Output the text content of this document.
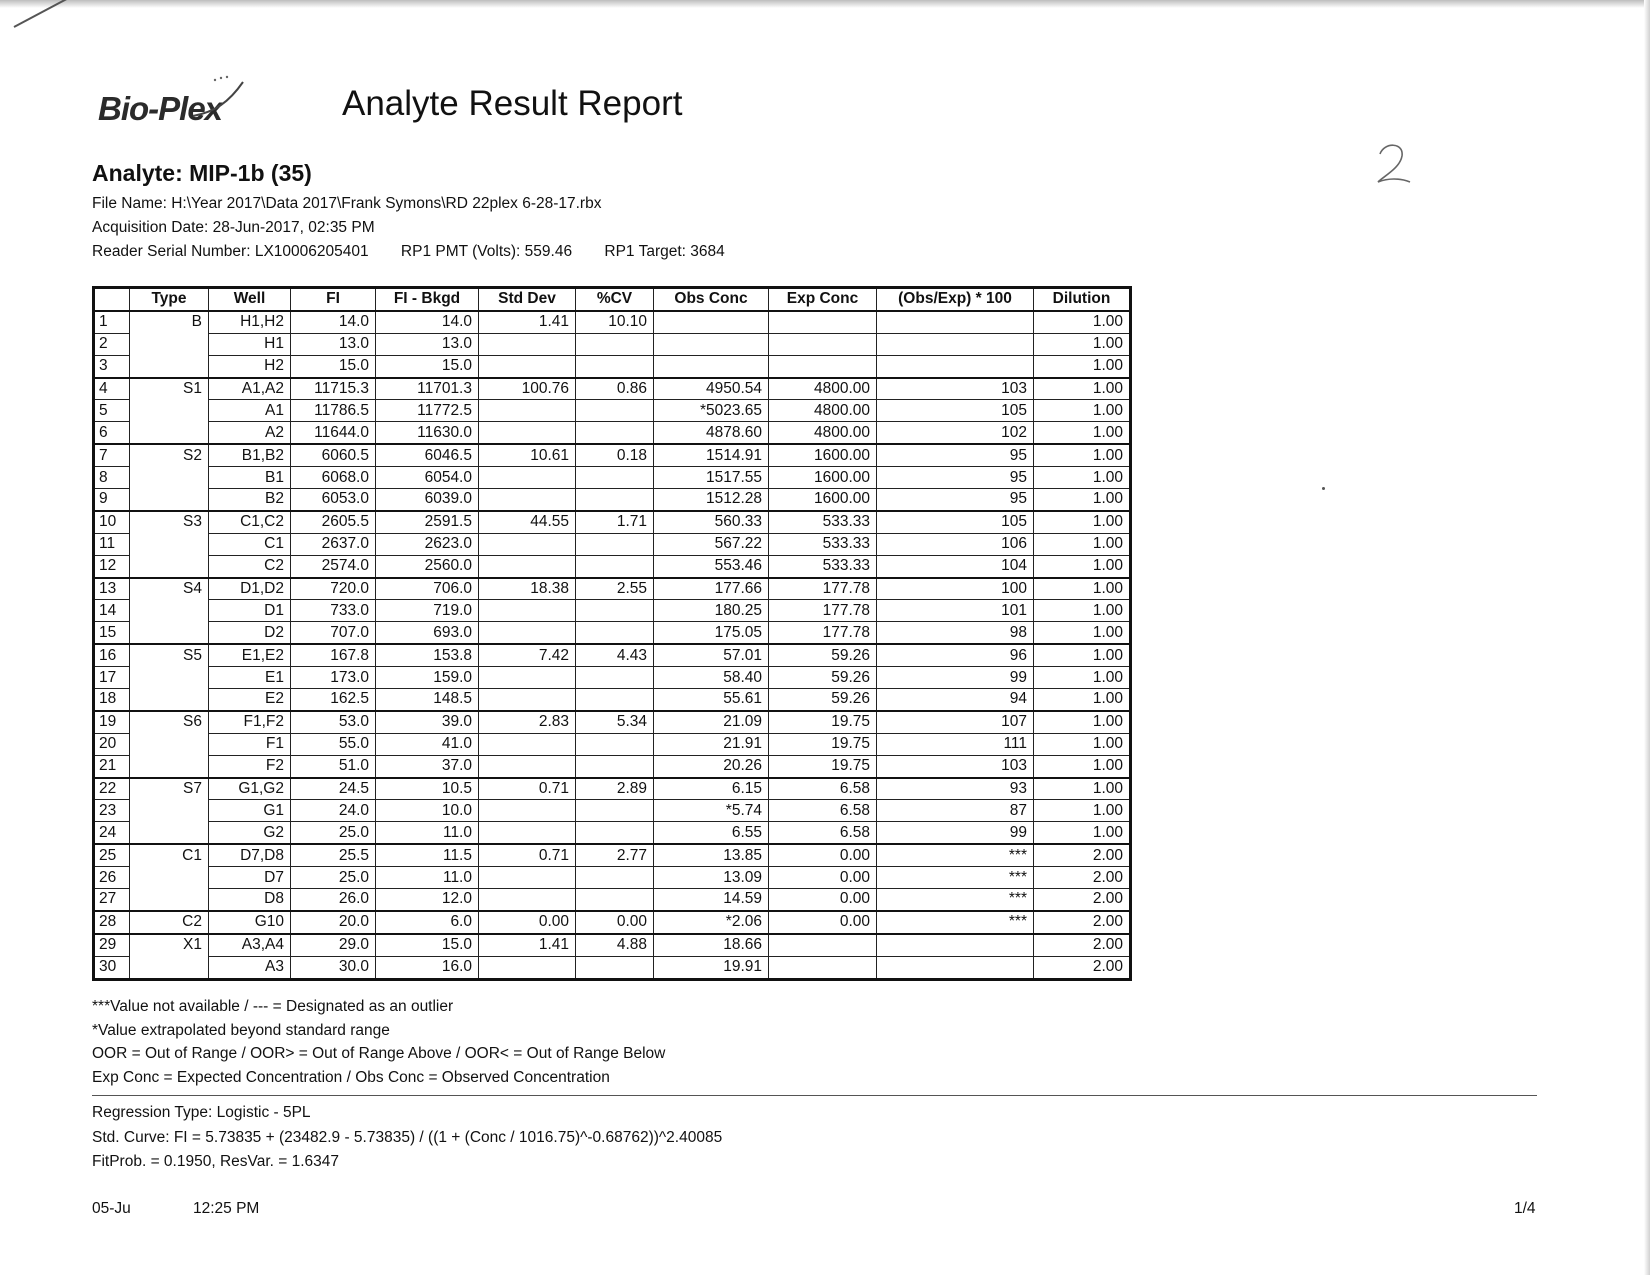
Bio-Plex	Analyte Result Report
Analyte: MIP-1b (35)
File Name: H:\Year 2017\Data 2017\Frank Symons\RD 22plex 6-28-17.rbx
Acquisition Date: 28-Jun-2017, 02:35 PM
Reader Serial Number: LX10006205401 RP1 PMT (Volts): 559.46 RP1 Target: 3684
	Type	Well	FI	FI - Bkgd	Std Dev	%CV	Obs Conc	Exp Conc	(Obs/Exp) * 100	Dilution
1	B	H1,H2	14.0	14.0	1.41	10.10				1.00
2		H1	13.0	13.0						1.00
3		H2	15.0	15.0						1.00
4	S1	A1,A2	11715.3	11701.3	100.76	0.86	4950.54	4800.00	103	1.00
5		A1	11786.5	11772.5			*5023.65	4800.00	105	1.00
6		A2	11644.0	11630.0			4878.60	4800.00	102	1.00
7	S2	B1,B2	6060.5	6046.5	10.61	0.18	1514.91	1600.00	95	1.00
8		B1	6068.0	6054.0			1517.55	1600.00	95	1.00
9		B2	6053.0	6039.0			1512.28	1600.00	95	1.00
10	S3	C1,C2	2605.5	2591.5	44.55	1.71	560.33	533.33	105	1.00
11		C1	2637.0	2623.0			567.22	533.33	106	1.00
12		C2	2574.0	2560.0			553.46	533.33	104	1.00
13	S4	D1,D2	720.0	706.0	18.38	2.55	177.66	177.78	100	1.00
14		D1	733.0	719.0			180.25	177.78	101	1.00
15		D2	707.0	693.0			175.05	177.78	98	1.00
16	S5	E1,E2	167.8	153.8	7.42	4.43	57.01	59.26	96	1.00
17		E1	173.0	159.0			58.40	59.26	99	1.00
18		E2	162.5	148.5			55.61	59.26	94	1.00
19	S6	F1,F2	53.0	39.0	2.83	5.34	21.09	19.75	107	1.00
20		F1	55.0	41.0			21.91	19.75	111	1.00
21		F2	51.0	37.0			20.26	19.75	103	1.00
22	S7	G1,G2	24.5	10.5	0.71	2.89	6.15	6.58	93	1.00
23		G1	24.0	10.0			*5.74	6.58	87	1.00
24		G2	25.0	11.0			6.55	6.58	99	1.00
25	C1	D7,D8	25.5	11.5	0.71	2.77	13.85	0.00	***	2.00
26		D7	25.0	11.0			13.09	0.00	***	2.00
27		D8	26.0	12.0			14.59	0.00	***	2.00
28	C2	G10	20.0	6.0	0.00	0.00	*2.06	0.00	***	2.00
29	X1	A3,A4	29.0	15.0	1.41	4.88	18.66			2.00
30		A3	30.0	16.0			19.91			2.00
***Value not available / --- = Designated as an outlier
*Value extrapolated beyond standard range
OOR = Out of Range / OOR> = Out of Range Above / OOR< = Out of Range Below
Exp Conc = Expected Concentration / Obs Conc = Observed Concentration
Regression Type: Logistic - 5PL
Std. Curve: FI = 5.73835 + (23482.9 - 5.73835) / ((1 + (Conc / 1016.75)^-0.68762))^2.40085
FitProb. = 0.1950, ResVar. = 1.6347
05-Ju	12:25 PM	1/4
